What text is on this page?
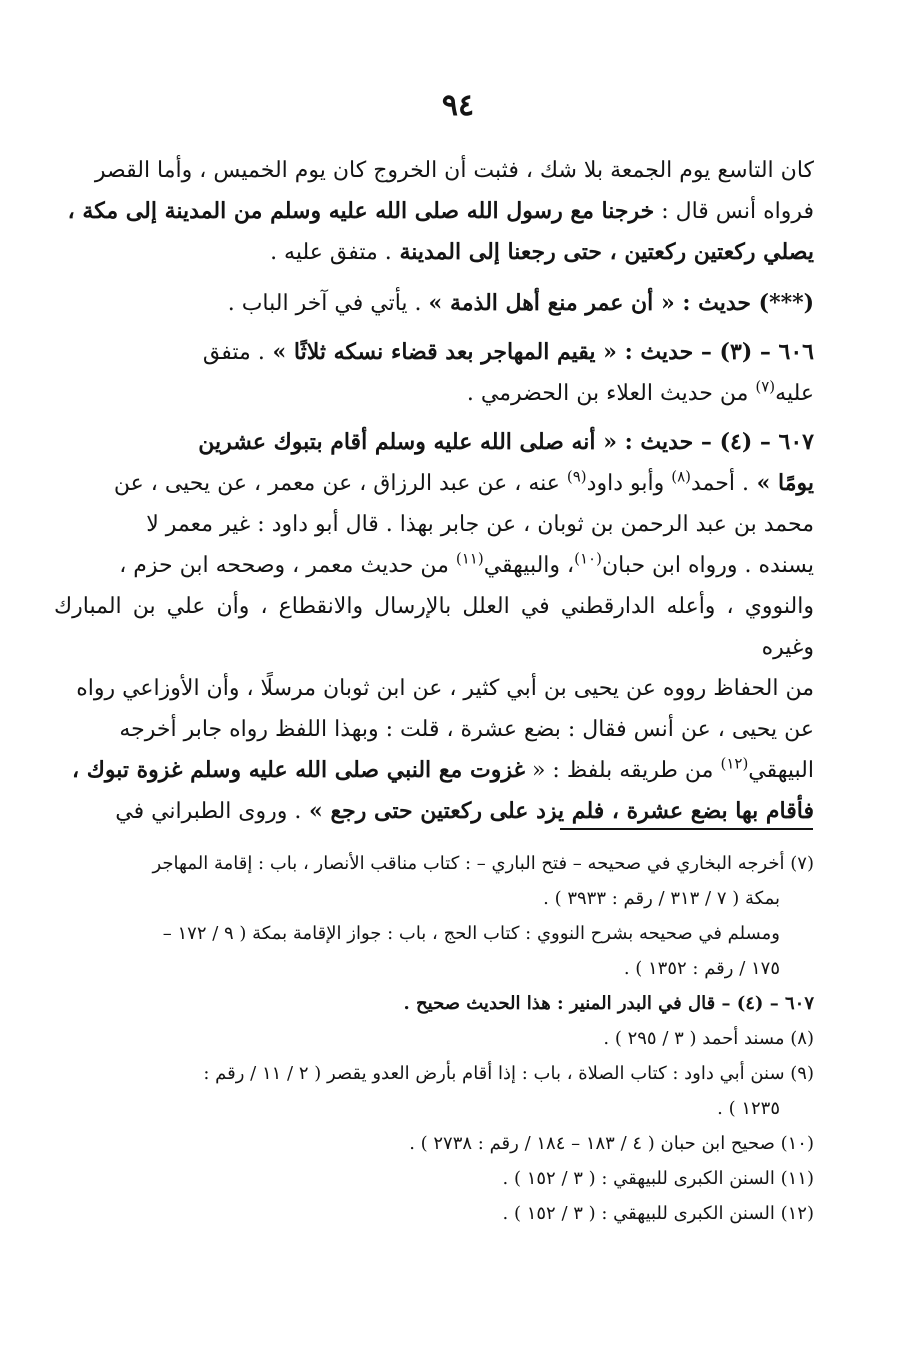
٩٤

كان التاسع يوم الجمعة بلا شك ، فثبت أن الخروج كان يوم الخميس ، وأما القصر

فرواه أنس قال : خرجنا مع رسول الله صلى الله عليه وسلم من المدينة إلى مكة ،

يصلي ركعتين ركعتين ، حتى رجعنا إلى المدينة . متفق عليه .

(***) حديث : « أن عمر منع أهل الذمة » . يأتي في آخر الباب .

٦٠٦ – (٣) – حديث : « يقيم المهاجر بعد قضاء نسكه ثلاثًا » . متفق

عليه$^{(٧)}$ من حديث العلاء بن الحضرمي .

٦٠٧ – (٤) – حديث : « أنه صلى الله عليه وسلم أقام بتبوك عشرين

يومًا » . أحمد$^{(٨)}$ وأبو داود$^{(٩)}$ عنه ، عن عبد الرزاق ، عن معمر ، عن يحيى ، عن

محمد بن عبد الرحمن بن ثوبان ، عن جابر بهذا . قال أبو داود : غير معمر لا

يسنده . ورواه ابن حبان$^{(١٠)}$، والبيهقي$^{(١١)}$ من حديث معمر ، وصححه ابن حزم ،

والنووي ، وأعله الدارقطني في العلل بالإرسال والانقطاع ، وأن علي بن المبارك وغيره

من الحفاظ رووه عن يحيى بن أبي كثير ، عن ابن ثوبان مرسلًا ، وأن الأوزاعي رواه

عن يحيى ، عن أنس فقال : بضع عشرة ، قلت : وبهذا اللفظ رواه جابر أخرجه

البيهقي$^{(١٢)}$ من طريقه بلفظ : « غزوت مع النبي صلى الله عليه وسلم غزوة تبوك ،

فأقام بها بضع عشرة ، فلم يزد على ركعتين حتى رجع » . وروى الطبراني في

(٧) أخرجه البخاري في صحيحه – فتح الباري – : كتاب مناقب الأنصار ، باب : إقامة المهاجر
بمكة ( ٧ / ٣١٣ / رقم : ٣٩٣٣ ) .
ومسلم في صحيحه بشرح النووي : كتاب الحج ، باب : جواز الإقامة بمكة ( ٩ / ١٧٢ –
١٧٥ / رقم : ١٣٥٢ ) .
٦٠٧ – (٤) – قال في البدر المنير : هذا الحديث صحيح .
(٨) مسند أحمد ( ٣ / ٢٩٥ ) .
(٩) سنن أبي داود : كتاب الصلاة ، باب : إذا أقام بأرض العدو يقصر ( ٢ / ١١ / رقم :
١٢٣٥ ) .
(١٠) صحيح ابن حبان ( ٤ / ١٨٣ – ١٨٤ / رقم : ٢٧٣٨ ) .
(١١) السنن الكبرى للبيهقي : ( ٣ / ١٥٢ ) .
(١٢) السنن الكبرى للبيهقي : ( ٣ / ١٥٢ ) .
